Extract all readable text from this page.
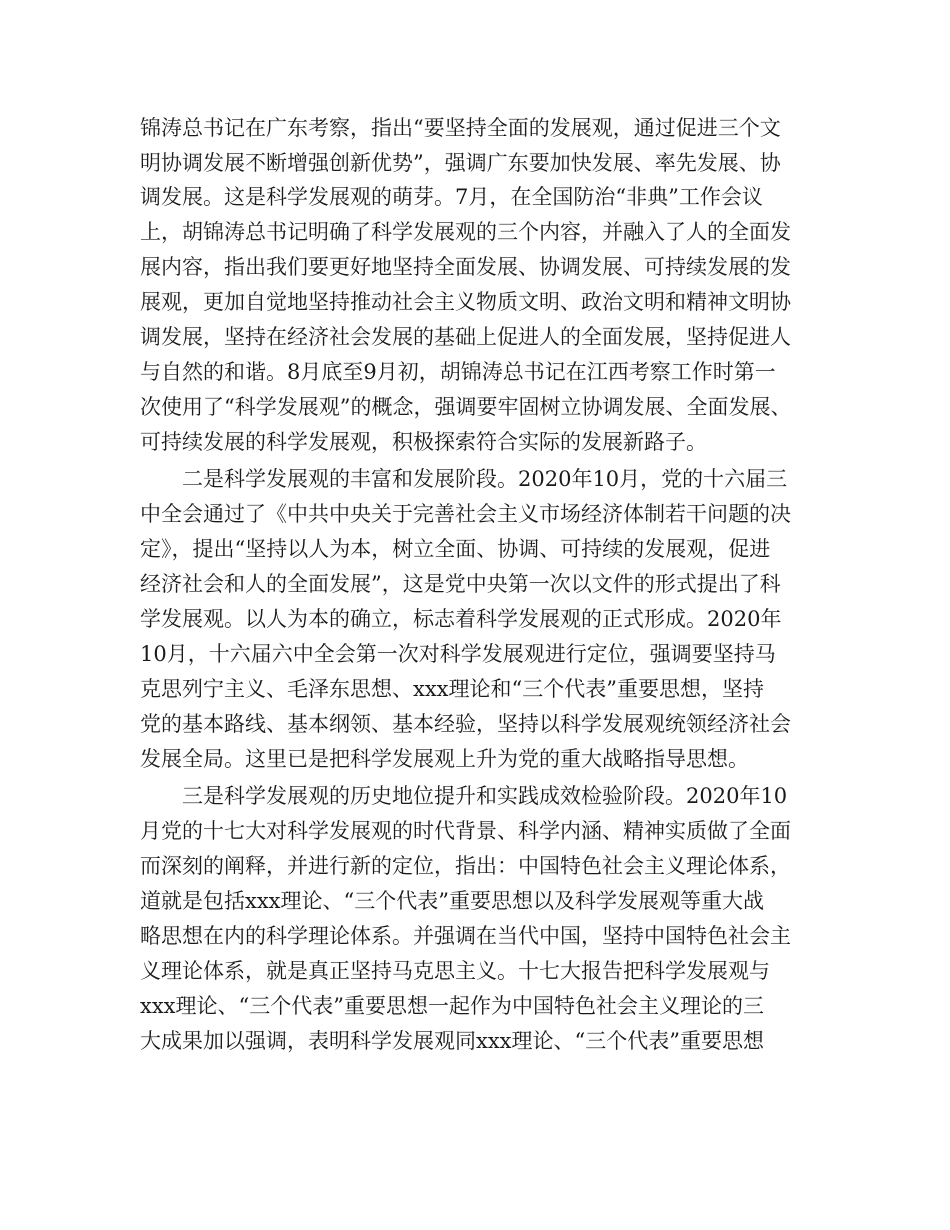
锦涛总书记在广东考察，指出“要坚持全面的发展观，通过促进三个文
明协调发展不断增强创新优势”，强调广东要加快发展、率先发展、协
调发展。这是科学发展观的萌芽。7月，在全国防治“非典”工作会议
上，胡锦涛总书记明确了科学发展观的三个内容，并融入了人的全面发
展内容，指出我们要更好地坚持全面发展、协调发展、可持续发展的发
展观，更加自觉地坚持推动社会主义物质文明、政治文明和精神文明协
调发展，坚持在经济社会发展的基础上促进人的全面发展，坚持促进人
与自然的和谐。8月底至9月初，胡锦涛总书记在江西考察工作时第一
次使用了“科学发展观”的概念，强调要牢固树立协调发展、全面发展、
可持续发展的科学发展观，积极探索符合实际的发展新路子。
二是科学发展观的丰富和发展阶段。2020年10月，党的十六届三
中全会通过了《中共中央关于完善社会主义市场经济体制若干问题的决
定》，提出“坚持以人为本，树立全面、协调、可持续的发展观，促进
经济社会和人的全面发展”，这是党中央第一次以文件的形式提出了科
学发展观。以人为本的确立，标志着科学发展观的正式形成。2020年
10月，十六届六中全会第一次对科学发展观进行定位，强调要坚持马
克思列宁主义、毛泽东思想、xxx理论和“三个代表”重要思想，坚持
党的基本路线、基本纲领、基本经验，坚持以科学发展观统领经济社会
发展全局。这里已是把科学发展观上升为党的重大战略指导思想。
三是科学发展观的历史地位提升和实践成效检验阶段。2020年10
月党的十七大对科学发展观的时代背景、科学内涵、精神实质做了全面
而深刻的阐释，并进行新的定位，指出：中国特色社会主义理论体系，
道就是包括xxx理论、“三个代表”重要思想以及科学发展观等重大战
略思想在内的科学理论体系。并强调在当代中国，坚持中国特色社会主
义理论体系，就是真正坚持马克思主义。十七大报告把科学发展观与
xxx理论、“三个代表”重要思想一起作为中国特色社会主义理论的三
大成果加以强调，表明科学发展观同xxx理论、“三个代表”重要思想
